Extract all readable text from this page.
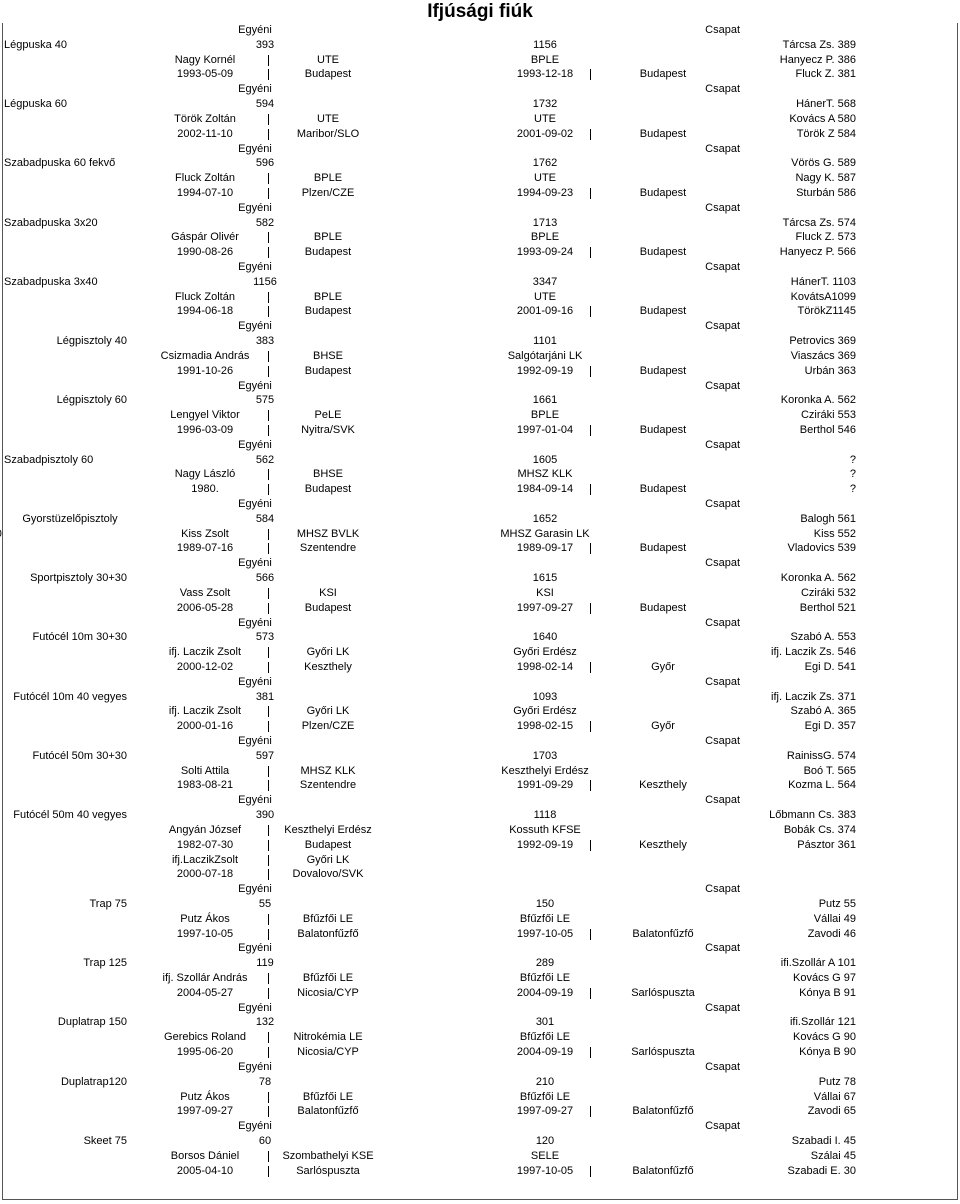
Ifjúsági fiúk
Egyéni	Csapat
Légpuska 40	393	1156	Tárcsa Zs. 389
Nagy Kornél	UTE	BPLE	Hanyecz P. 386
1993-05-09	Budapest	1993-12-18	Budapest	Fluck Z. 381
Egyéni	Csapat
Légpuska 60	594	1732	HánerT. 568
Török Zoltán	UTE	UTE	Kovács A 580
2002-11-10	Maribor/SLO	2001-09-02	Budapest	Török Z 584
Egyéni	Csapat
Szabadpuska 60 fekvő	596	1762	Vörös G. 589
Fluck Zoltán	BPLE	UTE	Nagy K. 587
1994-07-10	Plzen/CZE	1994-09-23	Budapest	Sturbán 586
Egyéni	Csapat
Szabadpuska 3x20	582	1713	Tárcsa Zs. 574
Gáspár Olivér	BPLE	BPLE	Fluck Z. 573
1990-08-26	Budapest	1993-09-24	Budapest	Hanyecz P. 566
Egyéni	Csapat
Szabadpuska 3x40	1156	3347	HánerT. 1103
Fluck Zoltán	BPLE	UTE	KovátsA1099
1994-06-18	Budapest	2001-09-16	Budapest	TörökZ1145
Egyéni	Csapat
Légpisztoly 40	383	1101	Petrovics 369
Csizmadia András	BHSE	Salgótarjáni LK	Viaszács 369
1991-10-26	Budapest	1992-09-19	Budapest	Urbán 363
Egyéni	Csapat
Légpisztoly 60	575	1661	Koronka A. 562
Lengyel Viktor	PeLE	BPLE	Cziráki 553
1996-03-09	Nyitra/SVK	1997-01-04	Budapest	Berthol 546
Egyéni	Csapat
Szabadpisztoly 60	562	1605	?
Nagy László	BHSE	MHSZ KLK	?
1980.	Budapest	1984-09-14	Budapest	?
Egyéni	Csapat
Gyorstüzelőpisztoly	584	1652	Balogh 561
Kiss Zsolt	MHSZ BVLK	MHSZ Garasin LK	Kiss 552
1989-07-16	Szentendre	1989-09-17	Budapest	Vladovics 539
Egyéni	Csapat
Sportpisztoly 30+30	566	1615	Koronka A. 562
Vass Zsolt	KSI	KSI	Cziráki 532
2006-05-28	Budapest	1997-09-27	Budapest	Berthol 521
Egyéni	Csapat
Futócél 10m 30+30	573	1640	Szabó A. 553
ifj. Laczik Zsolt	Győri LK	Győri Erdész	ifj. Laczik Zs. 546
2000-12-02	Keszthely	1998-02-14	Győr	Egi D. 541
Egyéni	Csapat
Futócél 10m 40 vegyes	381	1093	ifj. Laczik Zs. 371
ifj. Laczik Zsolt	Győri LK	Győri Erdész	Szabó A. 365
2000-01-16	Plzen/CZE	1998-02-15	Győr	Egi D. 357
Egyéni	Csapat
Futócél 50m 30+30	597	1703	RainissG. 574
Solti Attila	MHSZ KLK	Keszthelyi Erdész	Boó T. 565
1983-08-21	Szentendre	1991-09-29	Keszthely	Kozma L. 564
Egyéni	Csapat
Futócél 50m 40 vegyes	390	1118	Lőbmann Cs. 383
Angyán József	Keszthelyi Erdész	Kossuth KFSE	Bobák Cs. 374
1982-07-30	Budapest	1992-09-19	Keszthely	Pásztor 361
ifj.LaczikZsolt	Győri LK
2000-07-18	Dovalovo/SVK
Egyéni	Csapat
Trap 75	55	150	Putz 55
Putz Ákos	Bfűzfői LE	Bfűzfői LE	Vállai 49
1997-10-05	Balatonfűzfő	1997-10-05	Balatonfűzfő	Zavodi 46
Egyéni	Csapat
Trap 125	119	289	ifi.Szollár A 101
ifj. Szollár András	Bfűzfői LE	Bfűzfői LE	Kovács G 97
2004-05-27	Nicosia/CYP	2004-09-19	Sarlóspuszta	Kónya B 91
Egyéni	Csapat
Duplatrap 150	132	301	ifi.Szollár 121
Gerebics Roland	Nitrokémia LE	Bfűzfői LE	Kovács G 90
1995-06-20	Nicosia/CYP	2004-09-19	Sarlóspuszta	Kónya B 90
Egyéni	Csapat
Duplatrap120	78	210	Putz 78
Putz Ákos	Bfűzfői LE	Bfűzfői LE	Vállai 67
1997-09-27	Balatonfűzfő	1997-09-27	Balatonfűzfő	Zavodi 65
Egyéni	Csapat
Skeet 75	60	120	Szabadi I. 45
Borsos Dániel	Szombathelyi KSE	SELE	Szálai 45
2005-04-10	Sarlóspuszta	1997-10-05	Balatonfűzfő	Szabadi E. 30
